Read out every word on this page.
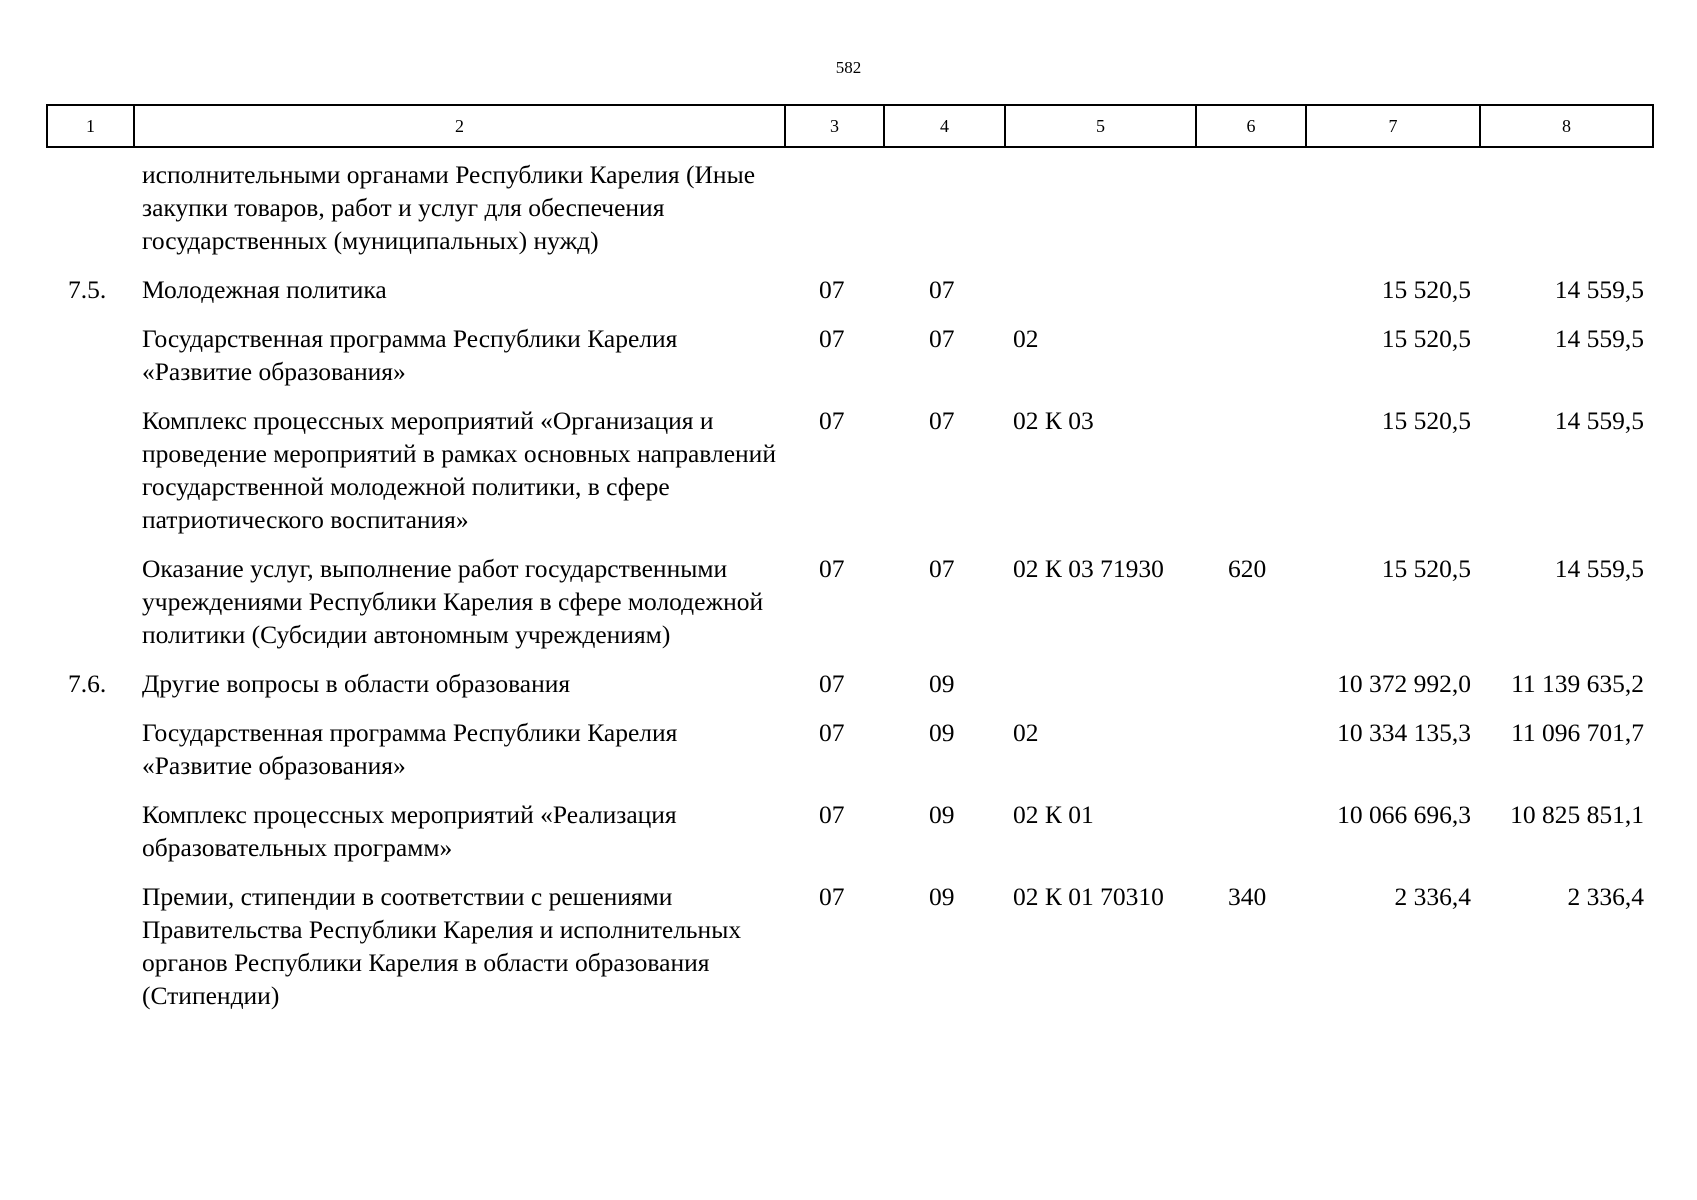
582
1	2	3	4	5	6	7	8
	исполнительными органами Республики Карелия (Иные закупки товаров, работ и услуг для обеспечения государственных (муниципальных) нужд)						
7.5.	Молодежная политика	07	07			15 520,5	14 559,5
	Государственная программа Республики Карелия «Развитие образования»	07	07	02		15 520,5	14 559,5
	Комплекс процессных мероприятий «Организация и проведение мероприятий в рамках основных направлений государственной молодежной политики, в сфере патриотического воспитания»	07	07	02 К 03		15 520,5	14 559,5
	Оказание услуг, выполнение работ государственными учреждениями Республики Карелия в сфере молодежной политики (Субсидии автономным учреждениям)	07	07	02 К 03 71930	620	15 520,5	14 559,5
7.6.	Другие вопросы в области образования	07	09			10 372 992,0	11 139 635,2
	Государственная программа Республики Карелия «Развитие образования»	07	09	02		10 334 135,3	11 096 701,7
	Комплекс процессных мероприятий «Реализация образовательных программ»	07	09	02 К 01		10 066 696,3	10 825 851,1
	Премии, стипендии в соответствии с решениями Правительства Республики Карелия и исполнительных органов Республики Карелия в области образования (Стипендии)	07	09	02 К 01 70310	340	2 336,4	2 336,4
